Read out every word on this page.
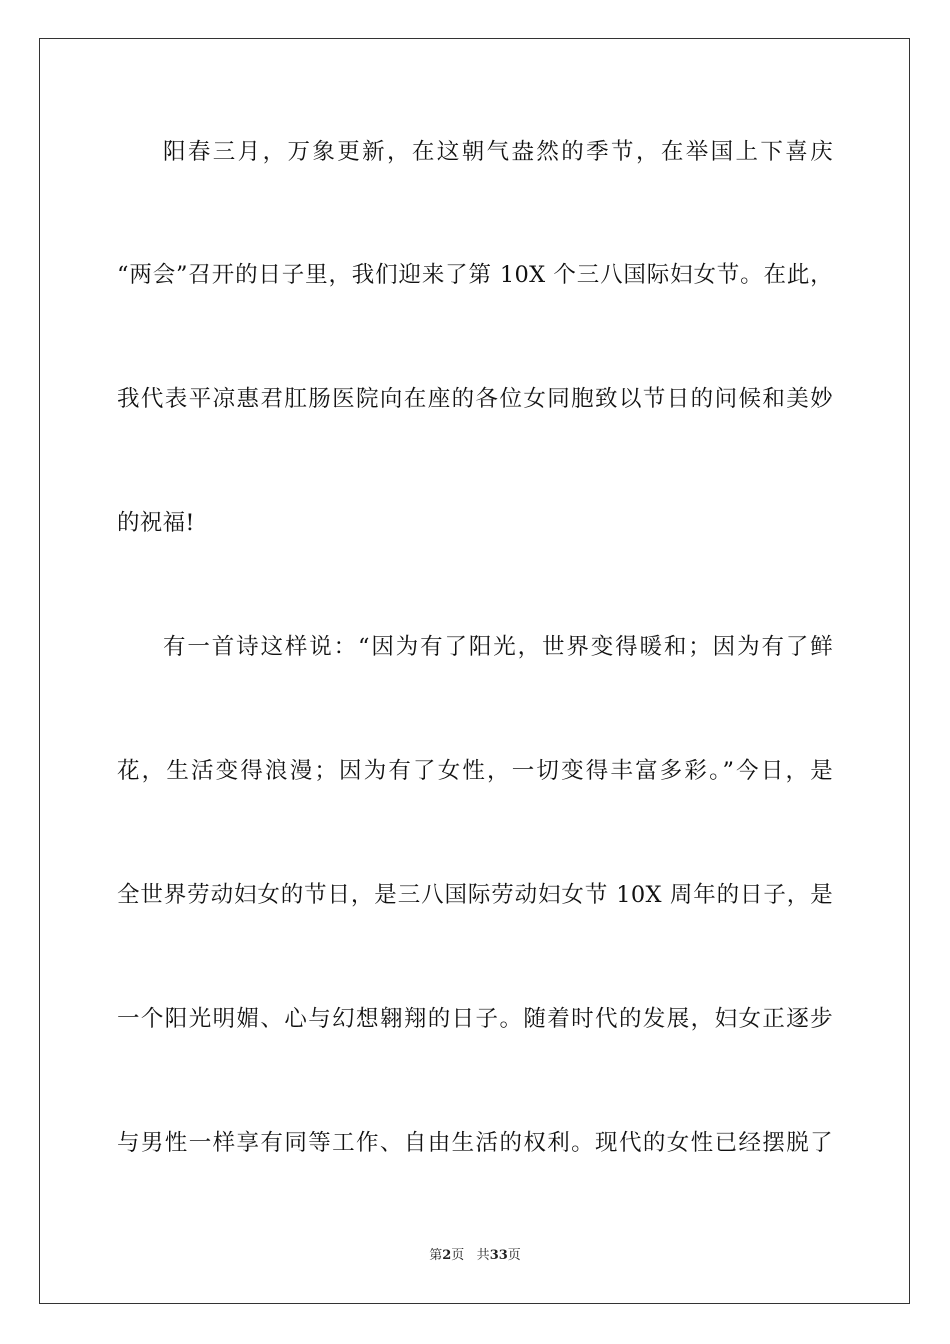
阳春三月，万象更新，在这朝气盎然的季节，在举国上下喜庆
“两会”召开的日子里，我们迎来了第 10X 个三八国际妇女节。在此，
我代表平凉惠君肛肠医院向在座的各位女同胞致以节日的问候和美妙
的祝福!
有一首诗这样说：“因为有了阳光，世界变得暖和；因为有了鲜
花，生活变得浪漫；因为有了女性，一切变得丰富多彩。”今日，是
全世界劳动妇女的节日，是三八国际劳动妇女节 10X 周年的日子，是
一个阳光明媚、心与幻想翱翔的日子。随着时代的发展，妇女正逐步
与男性一样享有同等工作、自由生活的权利。现代的女性已经摆脱了
第2页 共33页
